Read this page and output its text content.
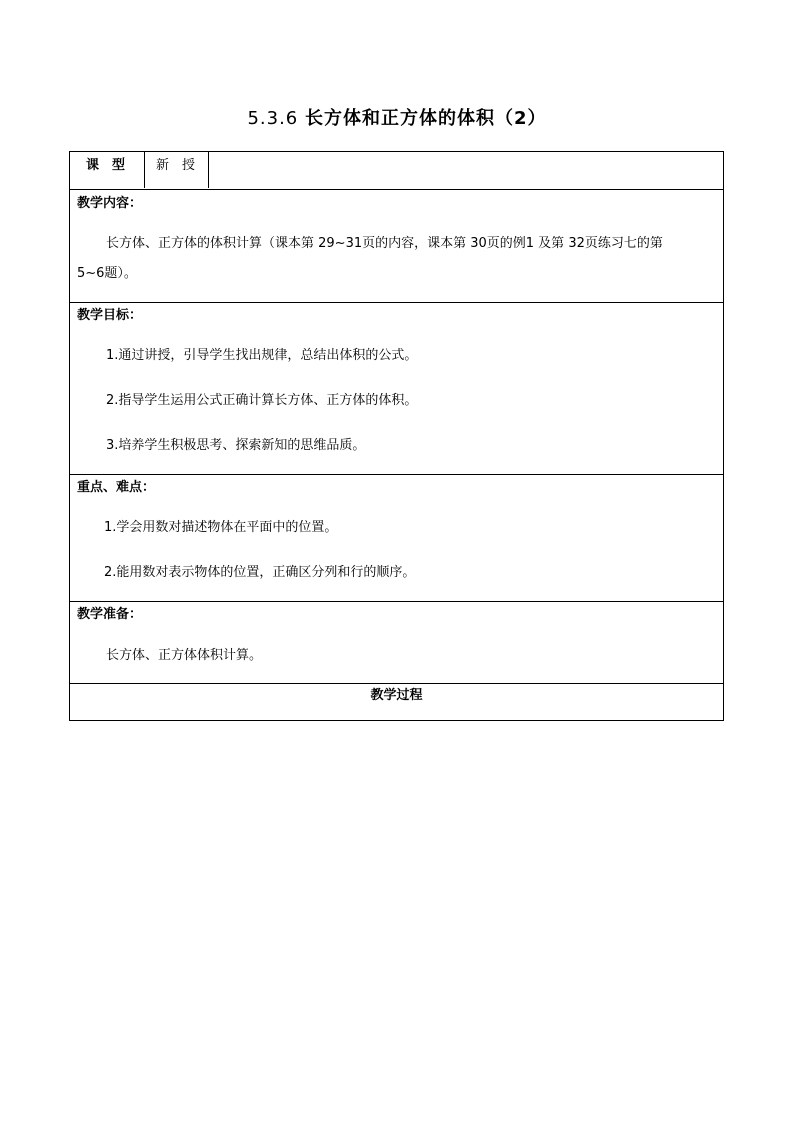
5.3.6 长方体和正方体的体积（2）
课　型 新　授
教学内容：
长方体、正方体的体积计算（课本第 29~31页的内容，课本第 30页的例1 及第 32页练习七的第
5~6题）。
教学目标：
1.通过讲授，引导学生找出规律，总结出体积的公式。
2.指导学生运用公式正确计算长方体、正方体的体积。
3.培养学生积极思考、探索新知的思维品质。
重点、难点：
1.学会用数对描述物体在平面中的位置。
2.能用数对表示物体的位置，正确区分列和行的顺序。
教学准备：
长方体、正方体体积计算。
教学过程
